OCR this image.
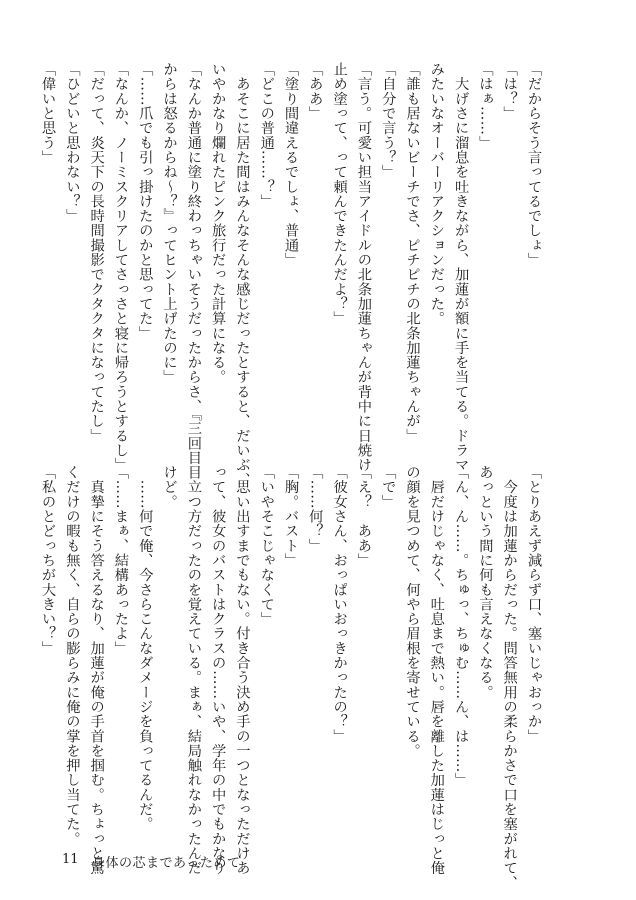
「だからそう言ってるでしょ」
「は？」
「はぁ……」
　大げさに溜息を吐きながら、加蓮が額に手を当てる。ドラマ
みたいなオーバーリアクションだった。
「誰も居ないビーチでさ、ピチピチの北条加蓮ちゃんが」
「自分で言う？」
「言う。可愛い担当アイドルの北条加蓮ちゃんが背中に日焼け
止め塗って、って頼んできたんだよ？」
「ああ」
「塗り間違えるでしょ、普通」
「どこの普通……？」
　あそこに居た間はみんなそんな感じだったとすると、だいぶ、
いやかなり爛れたピンク旅行だった計算になる。
「なんか普通に塗り終わっちゃいそうだったからさ、『三回目
からは怒るからね～？』ってヒント上げたのに」
「……爪でも引っ掛けたのかと思ってた」
「なんか、ノーミスクリアしてさっさと寝に帰ろうとするし」
「だって、炎天下の長時間撮影でクタクタになってたし」
「ひどいと思わない？」
「偉いと思う」
「とりあえず減らず口、塞いじゃおっか」
　今度は加蓮からだった。問答無用の柔らかさで口を塞がれて、
あっという間に何も言えなくなる。
「ん、ん……。ちゅっ、ちゅむ……ん、は……」
　唇だけじゃなく、吐息まで熱い。唇を離した加蓮はじっと俺
の顔を見つめて、何やら眉根を寄せている。
「で」
「え？　ああ」
「彼女さん、おっぱいおっきかったの？」
「……何？」
「胸。バスト」
「いやそこじゃなくて」
　思い出すまでもない。付き合う決め手の一つとなっただけあ
って、彼女のバストはクラスの……いや、学年の中でもかなり
目立つ方だったのを覚えている。まぁ、結局触れなかったんだ
けど。
　……何で俺、今さらこんなダメージを負ってるんだ。
「……まぁ、結構あったよ」
　真摯にそう答えるなり、加蓮が俺の手首を掴む。ちょっと驚
くだけの暇も無く、自らの膨らみに俺の掌を押し当てた。
「私のとどっちが大きい？」
11 身体の芯まであっためて
